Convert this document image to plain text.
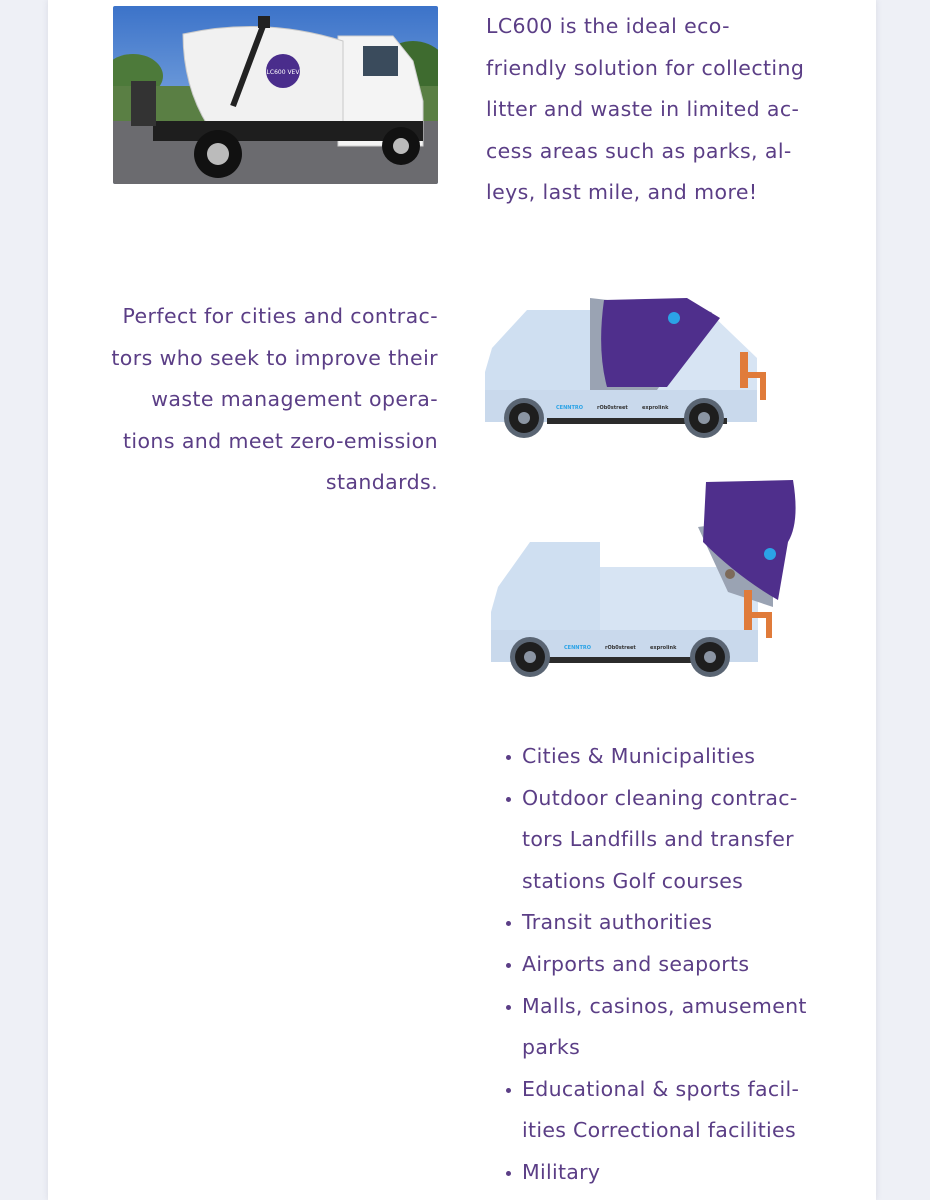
LC600 VEV

LC600 is the ideal eco-
friendly solution for collecting
litter and waste in limited ac-
cess areas such as parks, al-
leys, last mile, and more!

Perfect for cities and contrac-
tors who seek to improve their
waste management opera-
tions and meet zero-emission
standards.

CENNTRO	rOb0street	exprolink
CENNTRO	rOb0street	exprolink
Cities & Municipalities
Outdoor cleaning contrac-
tors Landfills and transfer
stations Golf courses
Transit authorities
Airports and seaports
Malls, casinos, amusement
parks
Educational & sports facil-
ities Correctional facilities
Military
